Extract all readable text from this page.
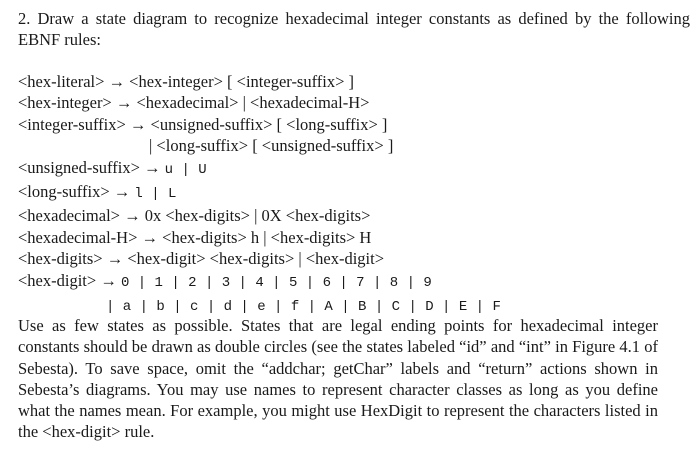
2. Draw a state diagram to recognize hexadecimal integer constants as defined by the following EBNF rules:
<hex-literal> → <hex-integer> [ <integer-suffix> ]
<hex-integer> → <hexadecimal> | <hexadecimal-H>
<integer-suffix> → <unsigned-suffix> [ <long-suffix> ]
| <long-suffix> [ <unsigned-suffix> ]
<unsigned-suffix> → u | U
<long-suffix> → l | L
<hexadecimal> → 0x <hex-digits> | 0X <hex-digits>
<hexadecimal-H> → <hex-digits> h | <hex-digits> H
<hex-digits> → <hex-digit> <hex-digits> | <hex-digit>
<hex-digit> → 0 | 1 | 2 | 3 | 4 | 5 | 6 | 7 | 8 | 9
| a | b | c | d | e | f | A | B | C | D | E | F
Use as few states as possible. States that are legal ending points for hexadecimal integer constants should be drawn as double circles (see the states labeled “id” and “int” in Figure 4.1 of Sebesta). To save space, omit the “addchar; getChar” labels and “return” actions shown in Sebesta’s diagrams. You may use names to represent character classes as long as you define what the names mean. For example, you might use HexDigit to represent the characters listed in the <hex-digit> rule.
